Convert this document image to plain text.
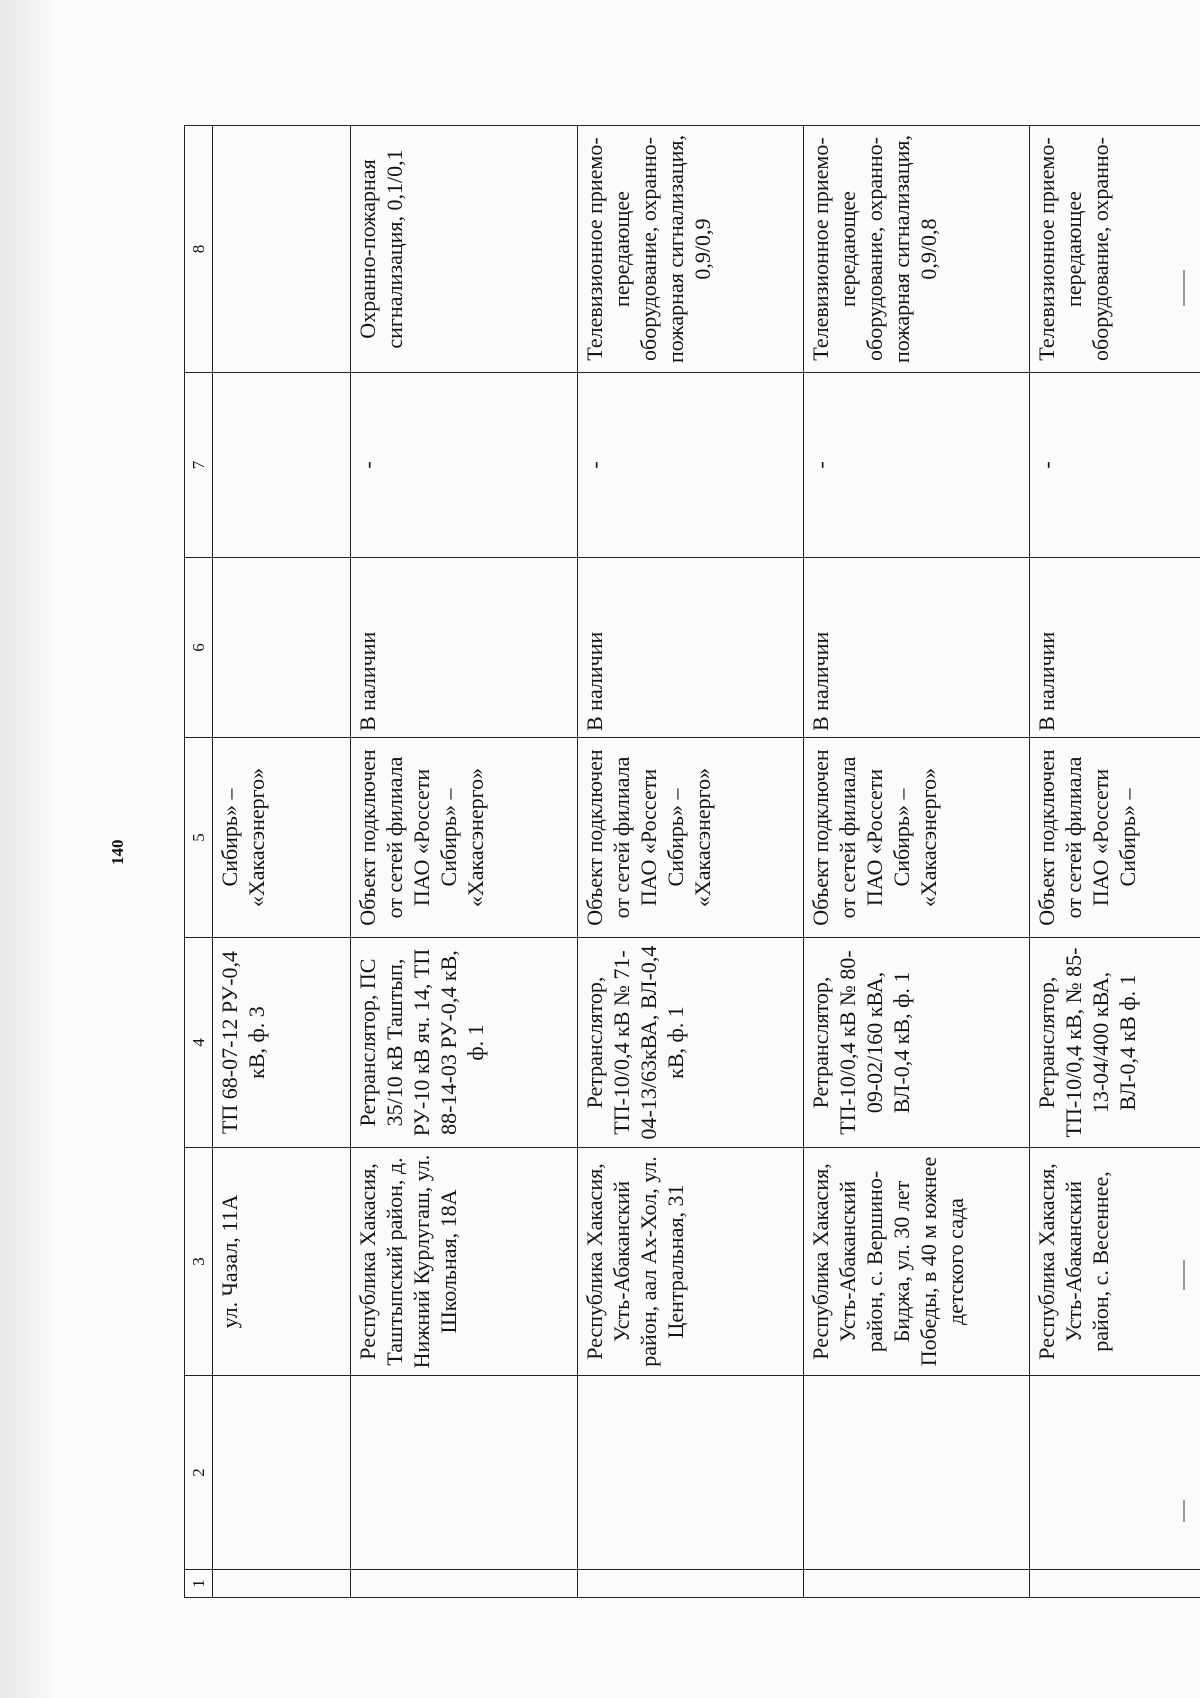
140
1	2	3	4	5	6	7	8
		ул. Чазал, 11А	ТП 68-07-12 РУ-0,4 кВ, ф. 3	Сибирь» – «Хакасэнерго»			
		Республика Хакасия, Таштыпский район, д. Нижний Курлугаш, ул. Школьная, 18А	Ретранслятор, ПС 35/10 кВ Таштып, РУ-10 кВ яч. 14, ТП 88-14-03 РУ-0,4 кВ, ф. 1	Объект подключен от сетей филиала ПАО «Россети Сибирь» – «Хакасэнерго»	В наличии	-	Охранно-пожарная сигнализация, 0,1/0,1
		Республика Хакасия, Усть-Абаканский район, аал Ах-Хол, ул. Центральная, 31	Ретранслятор, ТП-10/0,4 кВ № 71-04-13/63кВА, ВЛ-0,4 кВ, ф. 1	Объект подключен от сетей филиала ПАО «Россети Сибирь» – «Хакасэнерго»	В наличии	-	Телевизионное приемо-передающее оборудование, охранно-пожарная сигнализация, 0,9/0,9
		Республика Хакасия, Усть-Абаканский район, с. Вершино-Биджа, ул. 30 лет Победы, в 40 м южнее детского сада	Ретранслятор, ТП-10/0,4 кВ № 80-09-02/160 кВА, ВЛ-0,4 кВ, ф. 1	Объект подключен от сетей филиала ПАО «Россети Сибирь» – «Хакасэнерго»	В наличии	-	Телевизионное приемо-передающее оборудование, охранно-пожарная сигнализация, 0,9/0,8
		Республика Хакасия, Усть-Абаканский район, с. Весеннее,	Ретранслятор, ТП-10/0,4 кВ, № 85-13-04/400 кВА, ВЛ-0,4 кВ ф. 1	Объект подключен от сетей филиала ПАО «Россети Сибирь» –	В наличии	-	Телевизионное приемо-передающее оборудование, охранно-
